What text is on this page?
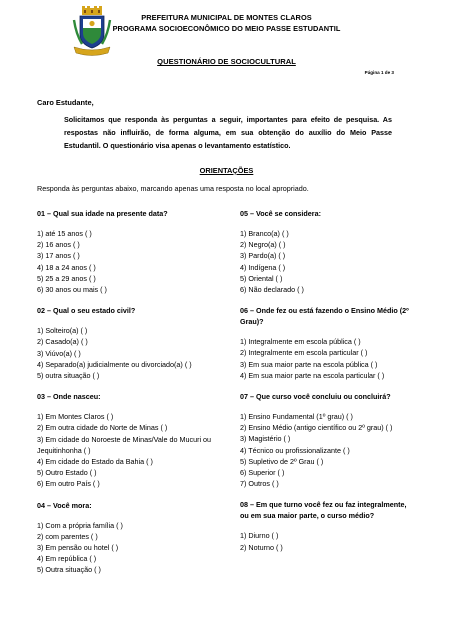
PREFEITURA MUNICIPAL DE MONTES CLAROS
PROGRAMA SOCIOECONÔMICO DO MEIO PASSE ESTUDANTIL
QUESTIONÁRIO DE SOCIOCULTURAL
Página 1 de 3
Caro Estudante,
Solicitamos que responda às perguntas a seguir, importantes para efeito de pesquisa. As respostas não influirão, de forma alguma, em sua obtenção do auxílio do Meio Passe Estudantil. O questionário visa apenas o levantamento estatístico.
ORIENTAÇÕES
Responda às perguntas abaixo, marcando apenas uma resposta no local apropriado.
01 – Qual sua idade na presente data?
1) até 15 anos ( )
2) 16 anos ( )
3) 17 anos ( )
4) 18 a 24 anos ( )
5) 25 a 29 anos ( )
6) 30 anos ou mais ( )
02 – Qual o seu estado civil?
1) Solteiro(a) ( )
2) Casado(a) ( )
3) Viúvo(a) ( )
4) Separado(a) judicialmente ou divorciado(a) ( )
5) outra situação ( )
03 – Onde nasceu:
1) Em Montes Claros ( )
2) Em outra cidade do Norte de Minas ( )
3) Em cidade do Noroeste de Minas/Vale do Mucuri ou Jequitinhonha ( )
4) Em cidade do Estado da Bahia ( )
5) Outro Estado ( )
6) Em outro País ( )
04 – Você mora:
1) Com a própria família ( )
2) com parentes ( )
3) Em pensão ou hotel ( )
4) Em república ( )
5) Outra situação ( )
05 – Você se considera:
1) Branco(a) ( )
2) Negro(a) ( )
3) Pardo(a) ( )
4) Indígena ( )
5) Oriental ( )
6) Não declarado ( )
06 – Onde fez ou está fazendo o Ensino Médio (2º Grau)?
1) Integralmente em escola pública ( )
2) Integralmente em escola particular ( )
3) Em sua maior parte na escola pública ( )
4) Em sua maior parte na escola particular ( )
07 – Que curso você concluiu ou concluirá?
1) Ensino Fundamental (1º grau) ( )
2) Ensino Médio (antigo científico ou 2º grau) ( )
3) Magistério ( )
4) Técnico ou profissionalizante ( )
5) Supletivo de 2º Grau ( )
6) Superior ( )
7) Outros ( )
08 – Em que turno você fez ou faz integralmente, ou em sua maior parte, o curso médio?
1) Diurno ( )
2) Noturno ( )
